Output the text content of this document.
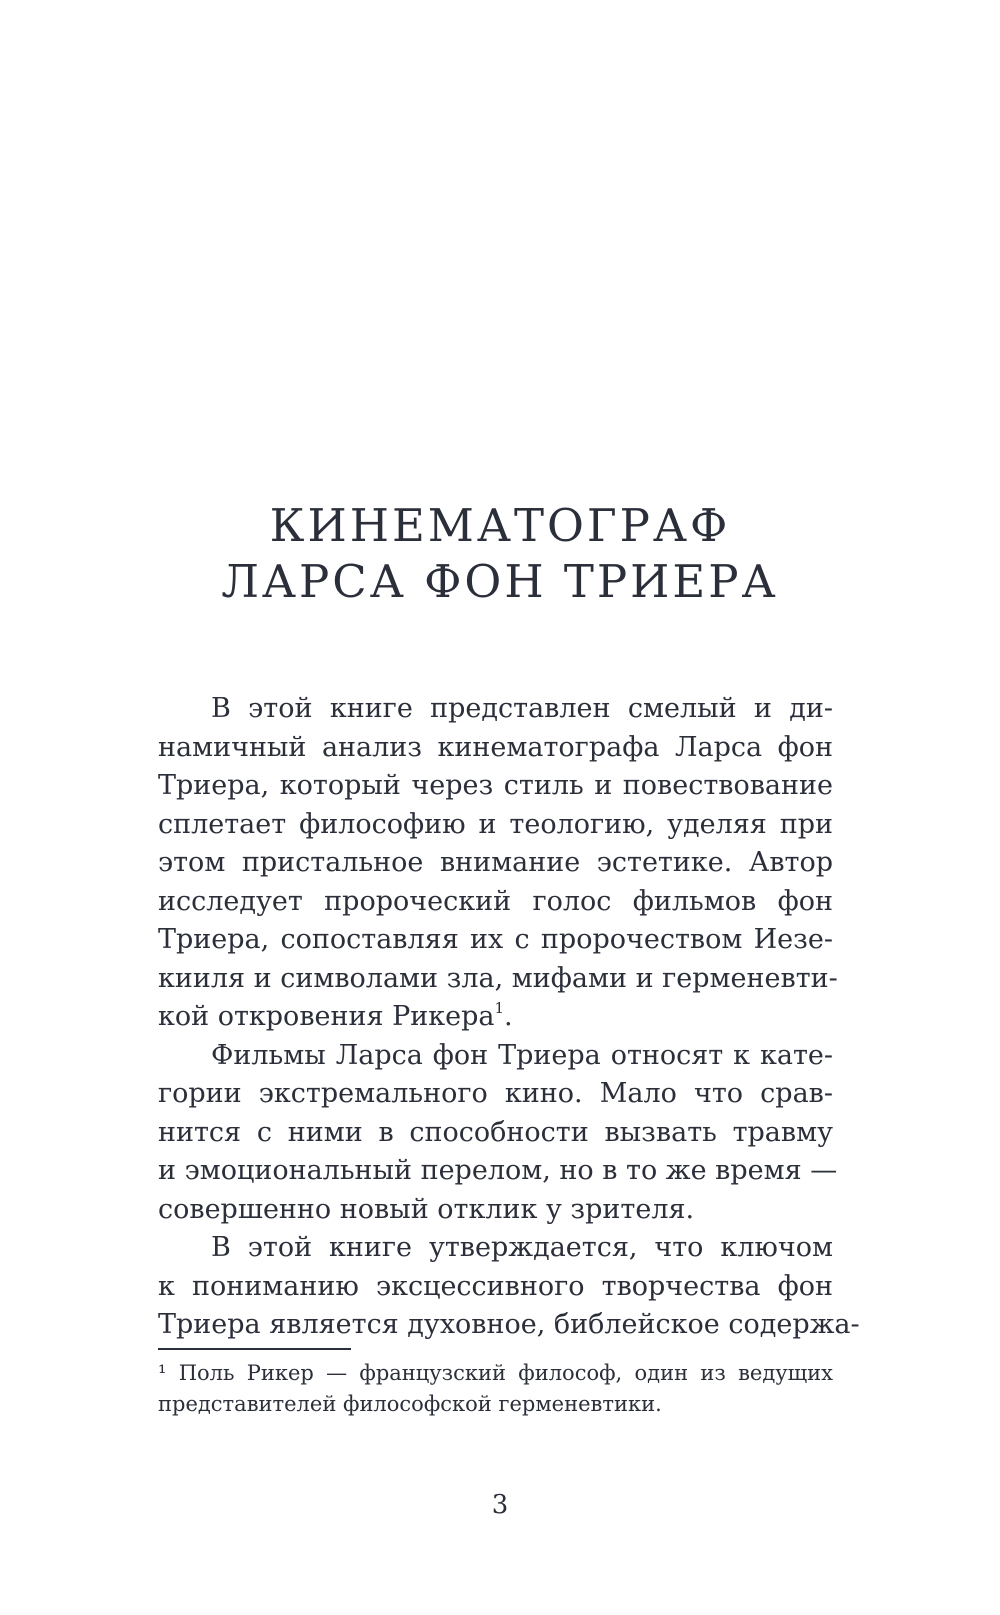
КИНЕМАТОГРАФ
ЛАРСА ФОН ТРИЕРА
В этой книге представлен смелый и ди-
намичный анализ кинематографа Ларса фон
Триера, который через стиль и повествование
сплетает философию и теологию, уделяя при
этом пристальное внимание эстетике. Автор
исследует пророческий голос фильмов фон
Триера, сопоставляя их с пророчеством Иезе-
кииля и символами зла, мифами и герменевти-
кой откровения Рикера$^1$.
Фильмы Ларса фон Триера относят к кате-
гории экстремального кино. Мало что срав-
нится с ними в способности вызвать травму
и эмоциональный перелом, но в то же время —
совершенно новый отклик у зрителя.
В этой книге утверждается, что ключом
к пониманию эксцессивного творчества фон
Триера является духовное, библейское содержа-
¹ Поль Рикер — французский философ, один из ведущих
представителей философской герменевтики.
3
